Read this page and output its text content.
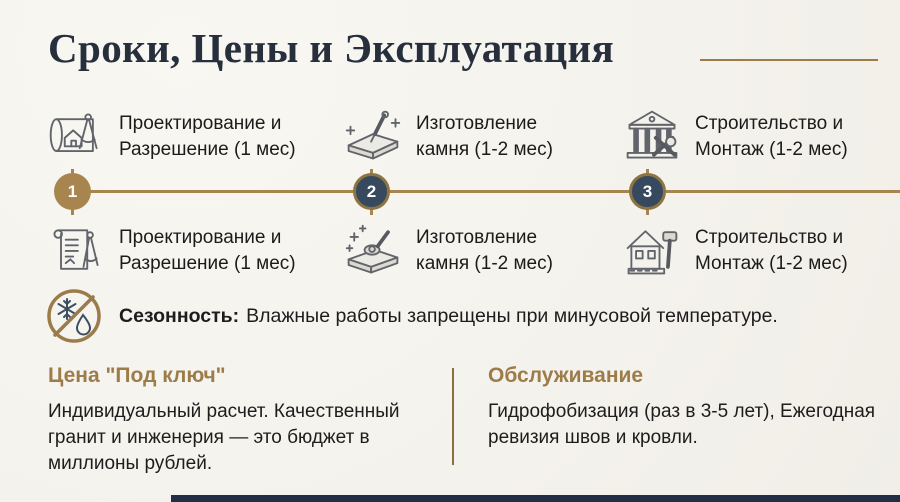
Сроки, Цены и Эксплуатация
Проектирование и
Разрешение (1 мес)
Изготовление
камня (1-2 мес)
Строительство и
Монтаж (1-2 мес)
1	2	3
Проектирование и
Разрешение (1 мес)
Изготовление
камня (1-2 мес)
Строительство и
Монтаж (1-2 мес)
Сезонность: Влажные работы запрещены при минусовой температуре.
Цена "Под ключ"

Индивидуальный расчет. Качественный гранит и инженерия — это бюджет в миллионы рублей.

Обслуживание

Гидрофобизация (раз в 3-5 лет), Ежегодная ревизия швов и кровли.
